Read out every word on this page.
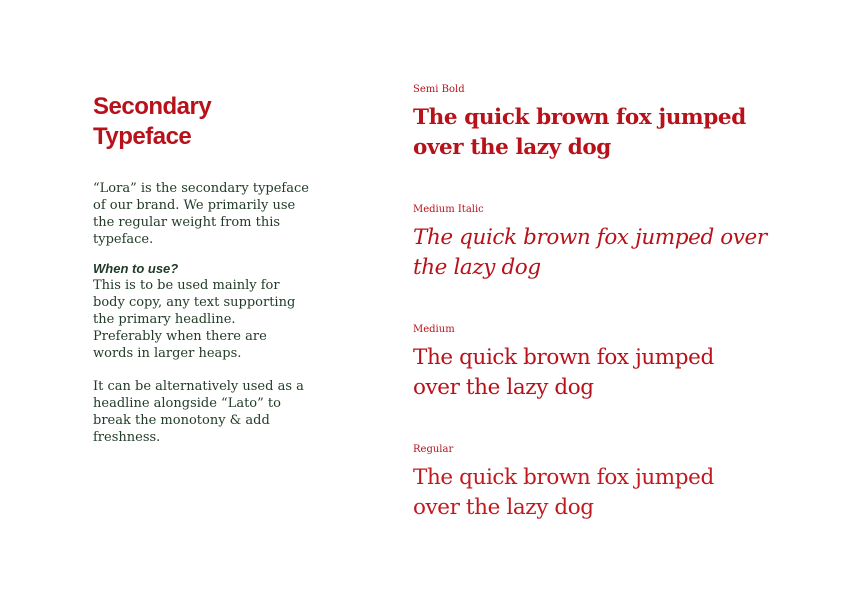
Secondary
Typeface

“Lora” is the secondary typeface
of our brand. We primarily use
the regular weight from this
typeface.

When to use?

This is to be used mainly for
body copy, any text supporting
the primary headline.
Preferably when there are
words in larger heaps.

It can be alternatively used as a
headline alongside “Lato” to
break the monotony & add
freshness.

Semi Bold

The quick brown fox jumped
over the lazy dog

Medium Italic

The quick brown fox jumped over
the lazy dog

Medium

The quick brown fox jumped
over the lazy dog

Regular

The quick brown fox jumped
over the lazy dog
